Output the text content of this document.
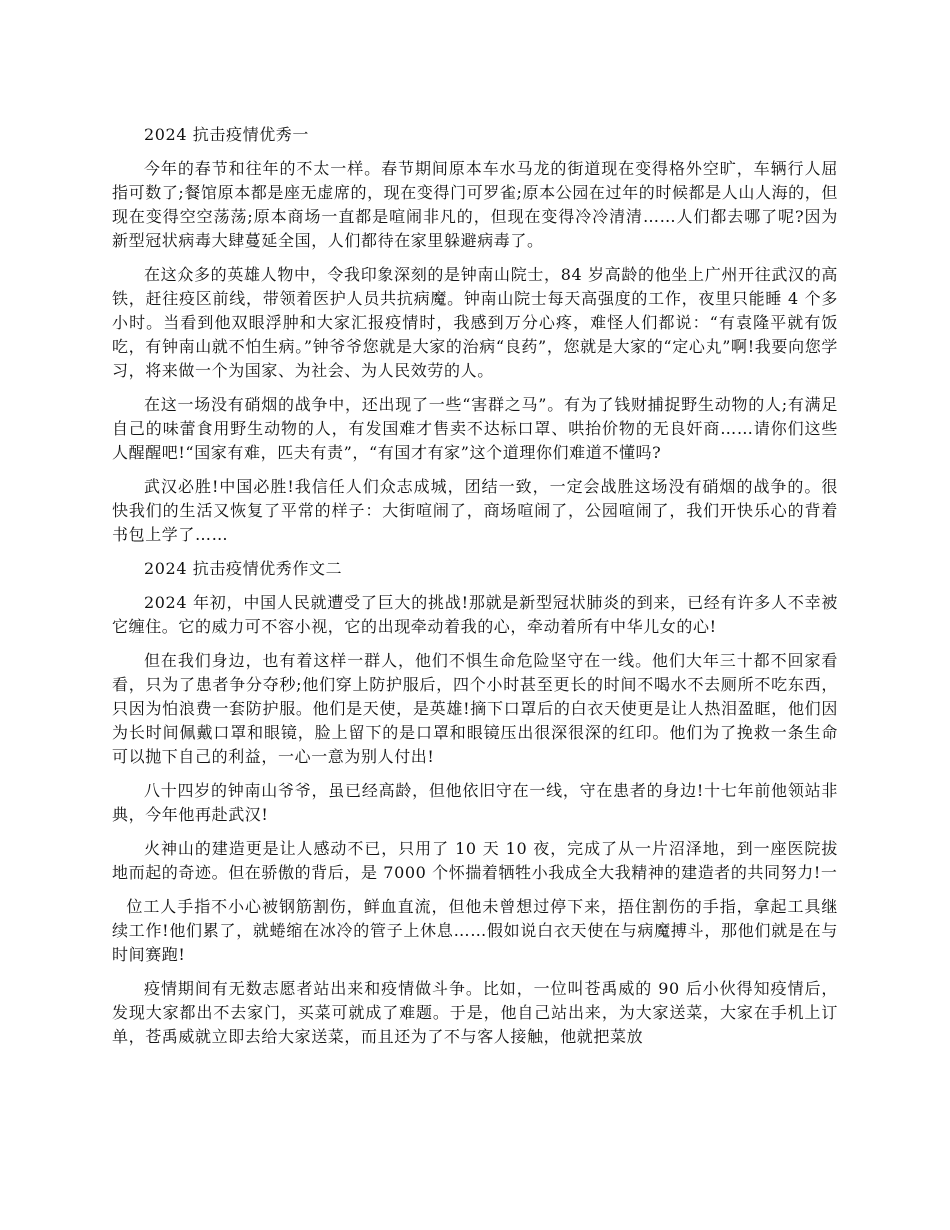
2024 抗击疫情优秀一

今年的春节和往年的不太一样。春节期间原本车水马龙的街道现在变得格外空旷，车辆行人屈指可数了;餐馆原本都是座无虚席的，现在变得门可罗雀;原本公园在过年的时候都是人山人海的，但现在变得空空荡荡;原本商场一直都是喧闹非凡的，但现在变得冷冷清清……人们都去哪了呢?因为新型冠状病毒大肆蔓延全国，人们都待在家里躲避病毒了。

在这众多的英雄人物中，令我印象深刻的是钟南山院士，84 岁高龄的他坐上广州开往武汉的高铁，赶往疫区前线，带领着医护人员共抗病魔。钟南山院士每天高强度的工作，夜里只能睡 4 个多小时。当看到他双眼浮肿和大家汇报疫情时，我感到万分心疼，难怪人们都说：“有袁隆平就有饭吃，有钟南山就不怕生病。”钟爷爷您就是大家的治病“良药”，您就是大家的“定心丸”啊!我要向您学习，将来做一个为国家、为社会、为人民效劳的人。

在这一场没有硝烟的战争中，还出现了一些“害群之马”。有为了钱财捕捉野生动物的人;有满足自己的味蕾食用野生动物的人，有发国难才售卖不达标口罩、哄抬价物的无良奸商……请你们这些人醒醒吧!“国家有难，匹夫有责”，“有国才有家”这个道理你们难道不懂吗?

武汉必胜!中国必胜!我信任人们众志成城，团结一致，一定会战胜这场没有硝烟的战争的。很快我们的生活又恢复了平常的样子：大街喧闹了，商场喧闹了，公园喧闹了，我们开快乐心的背着书包上学了……

2024 抗击疫情优秀作文二

2024 年初，中国人民就遭受了巨大的挑战!那就是新型冠状肺炎的到来，已经有许多人不幸被它缠住。它的威力可不容小视，它的出现牵动着我的心，牵动着所有中华儿女的心!

但在我们身边，也有着这样一群人，他们不惧生命危险坚守在一线。他们大年三十都不回家看看，只为了患者争分夺秒;他们穿上防护服后，四个小时甚至更长的时间不喝水不去厕所不吃东西，只因为怕浪费一套防护服。他们是天使，是英雄!摘下口罩后的白衣天使更是让人热泪盈眶，他们因为长时间佩戴口罩和眼镜，脸上留下的是口罩和眼镜压出很深很深的红印。他们为了挽救一条生命可以抛下自己的利益，一心一意为别人付出!

八十四岁的钟南山爷爷，虽已经高龄，但他依旧守在一线，守在患者的身边!十七年前他领站非典，今年他再赴武汉!

火神山的建造更是让人感动不已，只用了 10 天 10 夜，完成了从一片沼泽地，到一座医院拔地而起的奇迹。但在骄傲的背后，是 7000 个怀揣着牺牲小我成全大我精神的建造者的共同努力!一

位工人手指不小心被钢筋割伤，鲜血直流，但他未曾想过停下来，捂住割伤的手指，拿起工具继续工作!他们累了，就蜷缩在冰冷的管子上休息……假如说白衣天使在与病魔搏斗，那他们就是在与时间赛跑!

疫情期间有无数志愿者站出来和疫情做斗争。比如，一位叫苍禹威的 90 后小伙得知疫情后，发现大家都出不去家门，买菜可就成了难题。于是，他自己站出来，为大家送菜，大家在手机上订单，苍禹威就立即去给大家送菜，而且还为了不与客人接触，他就把菜放
